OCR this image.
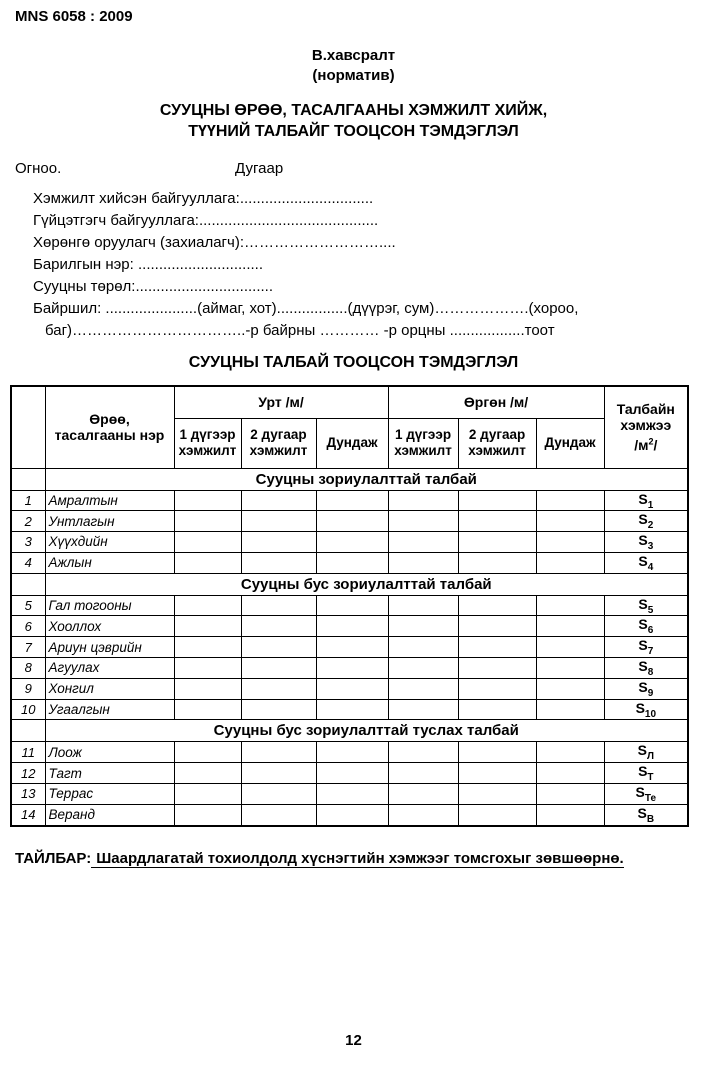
MNS 6058 : 2009
В.хавсралт
(норматив)
СУУЦНЫ ӨРӨӨ, ТАСАЛГААНЫ ХЭМЖИЛТ ХИЙЖ,
ТҮҮНИЙ ТАЛБАЙГ ТООЦСОН ТЭМДЭГЛЭЛ
Огноо.	Дугаар
Хэмжилт хийсэн байгууллага:................................
Гүйцэтгэгч байгууллага:...........................................
Хөрөнгө оруулагч (захиалагч):………………………....
Барилгын нэр: ..............................
Сууцны төрөл:.................................
Байршил: ......................(аймаг, хот).................(дүүрэг, сум)……………….(хороо,
баг)……………………………..-р байрны ………… -р орцны ..................тоот
СУУЦНЫ ТАЛБАЙ ТООЦСОН ТЭМДЭГЛЭЛ
	Өрөө, тасалгааны нэр	Урт /м/			Өргөн /м/			Талбайн
хэмжээ
$/м^2/$
		1 дүгээр хэмжилт	2 дугаар хэмжилт	Дундаж	1 дүгээр хэмжилт	2 дугаар хэмжилт	Дундаж	
	Сууцны зориулалттай талбай							
1	Амралтын							$S_1$
2	Унтлагын							$S_2$
3	Хүүхдийн							$S_3$
4	Ажлын							$S_4$
	Сууцны бус зориулалттай талбай							
5	Гал тогооны							$S_5$
6	Хооллох							$S_6$
7	Ариун цэврийн							$S_7$
8	Агуулах							$S_8$
9	Хонгил							$S_9$
10	Угаалгын							$S_{10}$
	Сууцны бус зориулалттай туслах талбай							
11	Лоож							$S_Л$
12	Тагт							$S_Т$
13	Террас							$S_{Те}$
14	Веранд							$S_В$
ТАЙЛБАР: Шаардлагатай тохиолдолд хүснэгтийн хэмжээг томсгохыг зөвшөөрнө.
12
